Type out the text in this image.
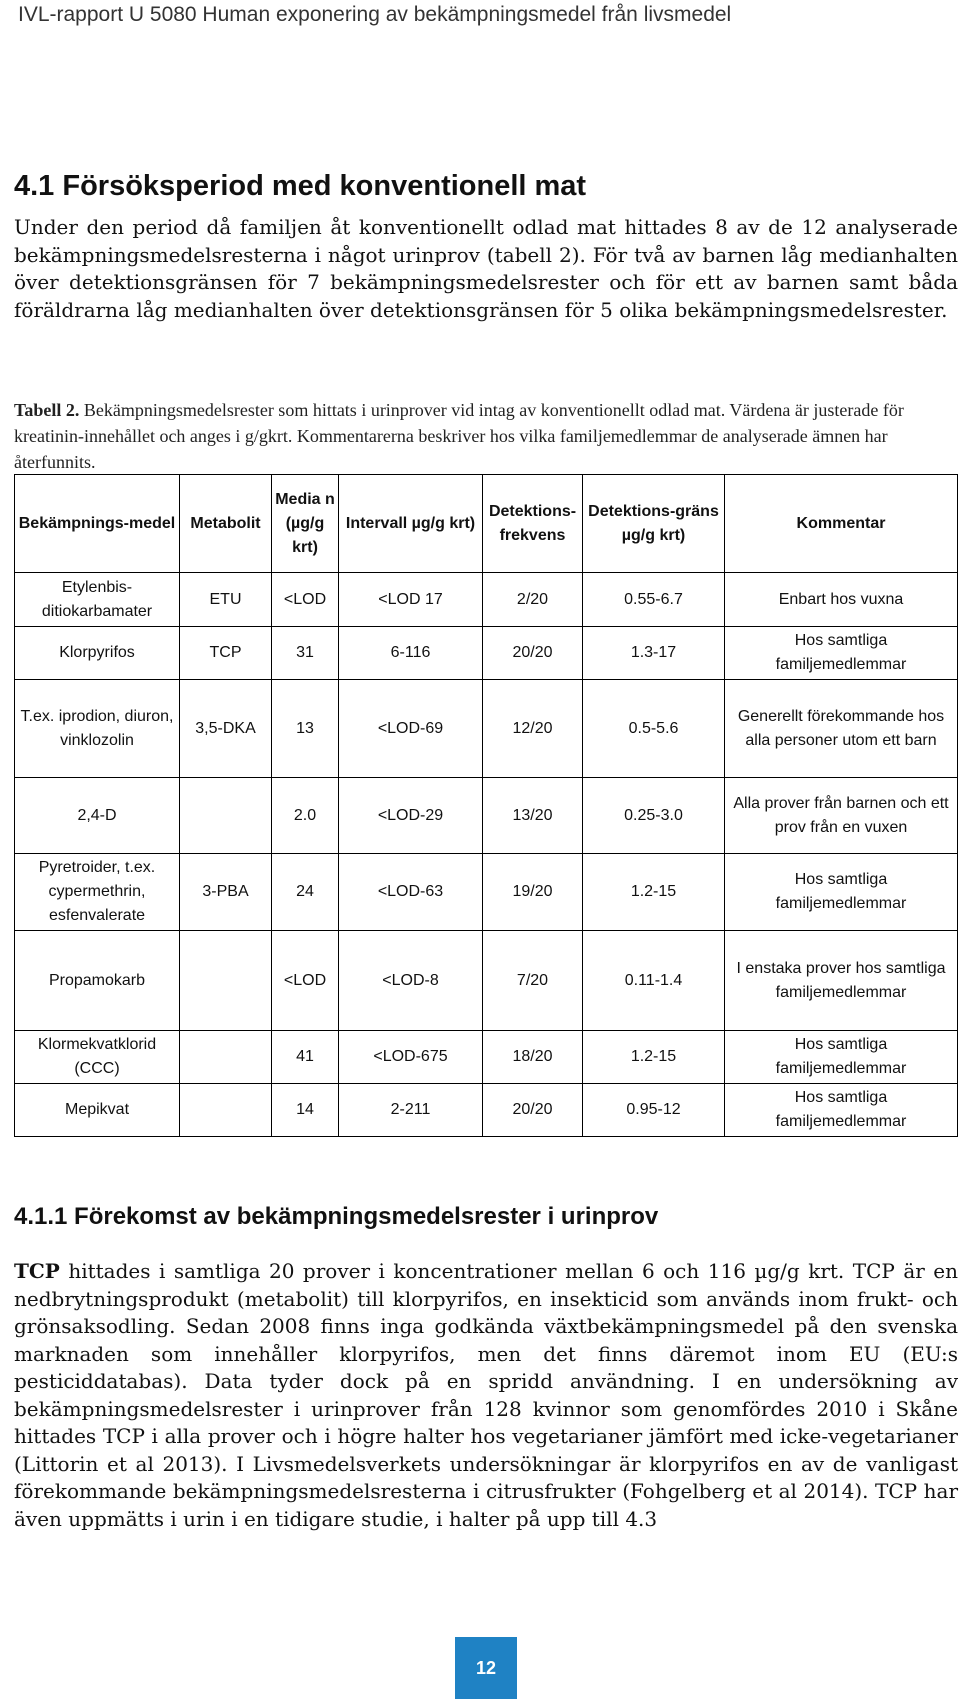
IVL-rapport U 5080 Human exponering av bekämpningsmedel från livsmedel
4.1 Försöksperiod med konventionell mat
Under den period då familjen åt konventionellt odlad mat hittades 8 av de 12 analyserade bekämpningsmedelsresterna i något urinprov (tabell 2). För två av barnen låg medianhalten över detektionsgränsen för 7 bekämpningsmedelsrester och för ett av barnen samt båda föräldrarna låg medianhalten över detektionsgränsen för 5 olika bekämpningsmedelsrester.
Tabell 2. Bekämpningsmedelsrester som hittats i urinprover vid intag av konventionellt odlad mat. Värdena är justerade för kreatinin-innehållet och anges i g/gkrt. Kommentarerna beskriver hos vilka familjemedlemmar de analyserade ämnen har återfunnits.
Bekämpnings-medel	Metabolit	Media n (µg/g krt)	Intervall µg/g krt)	Detektions-frekvens	Detektions-gräns µg/g krt)	Kommentar
Etylenbis-ditiokarbamater	ETU	<LOD	<LOD 17	2/20	0.55-6.7	Enbart hos vuxna
Klorpyrifos	TCP	31	6-116	20/20	1.3-17	Hos samtliga familjemedlemmar
T.ex. iprodion, diuron, vinklozolin	3,5-DKA	13	<LOD-69	12/20	0.5-5.6	Generellt förekommande hos alla personer utom ett barn
2,4-D		2.0	<LOD-29	13/20	0.25-3.0	Alla prover från barnen och ett prov från en vuxen
Pyretroider, t.ex. cypermethrin, esfenvalerate	3-PBA	24	<LOD-63	19/20	1.2-15	Hos samtliga familjemedlemmar
Propamokarb		<LOD	<LOD-8	7/20	0.11-1.4	I enstaka prover hos samtliga familjemedlemmar
Klormekvatklorid (CCC)		41	<LOD-675	18/20	1.2-15	Hos samtliga familjemedlemmar
Mepikvat		14	2-211	20/20	0.95-12	Hos samtliga familjemedlemmar
4.1.1 Förekomst av bekämpningsmedelsrester i urinprov
TCP hittades i samtliga 20 prover i koncentrationer mellan 6 och 116 µg/g krt. TCP är en nedbrytningsprodukt (metabolit) till klorpyrifos, en insekticid som används inom frukt- och grönsaksodling. Sedan 2008 finns inga godkända växtbekämpningsmedel på den svenska marknaden som innehåller klorpyrifos, men det finns däremot inom EU (EU:s pesticiddatabas). Data tyder dock på en spridd användning. I en undersökning av bekämpningsmedelsrester i urinprover från 128 kvinnor som genomfördes 2010 i Skåne hittades TCP i alla prover och i högre halter hos vegetarianer jämfört med icke-vegetarianer (Littorin et al 2013). I Livsmedelsverkets undersökningar är klorpyrifos en av de vanligast förekommande bekämpningsmedelsresterna i citrusfrukter (Fohgelberg et al 2014). TCP har även uppmätts i urin i en tidigare studie, i halter på upp till 4.3
12
